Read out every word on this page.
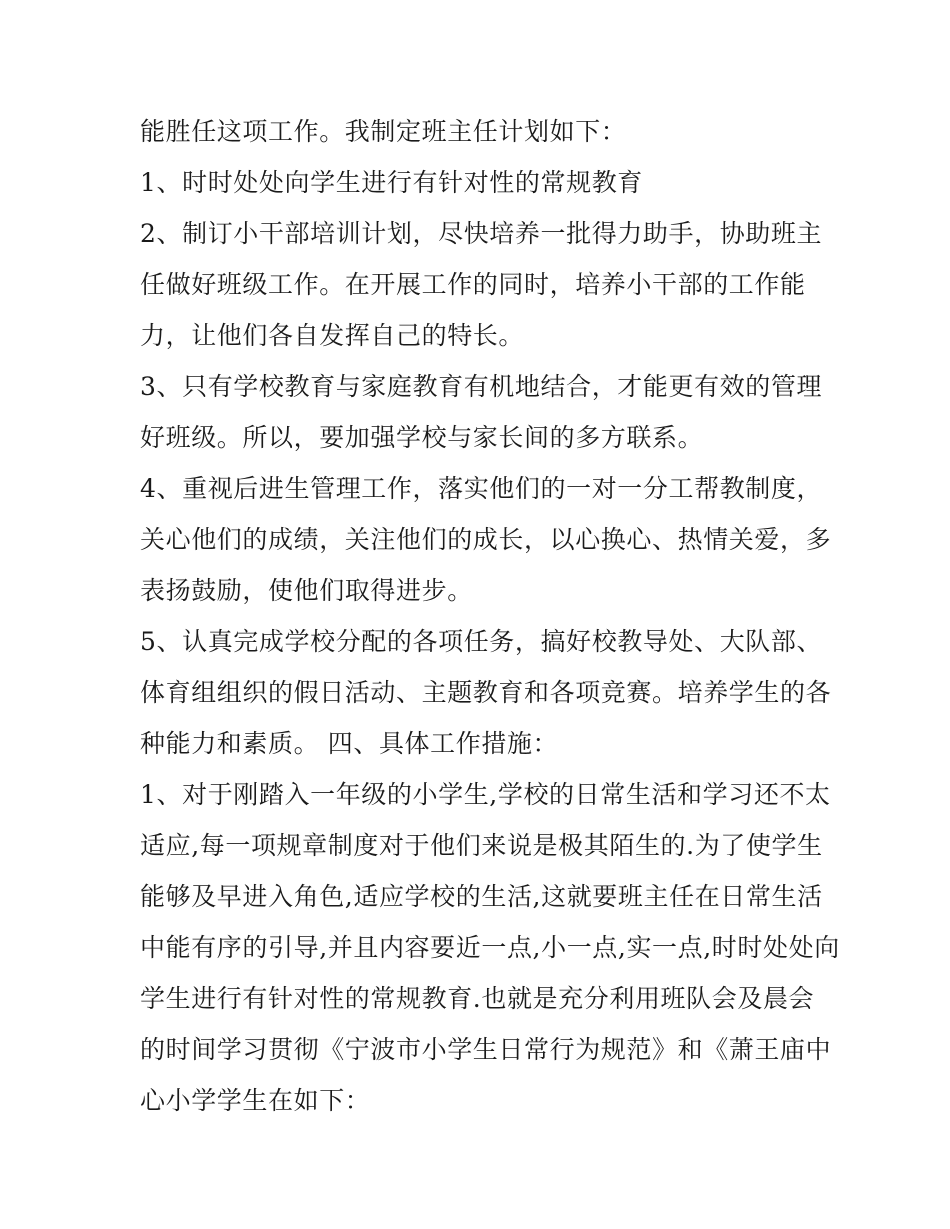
能胜任这项工作。我制定班主任计划如下：
1、时时处处向学生进行有针对性的常规教育
2、制订小干部培训计划，尽快培养一批得力助手，协助班主
任做好班级工作。在开展工作的同时，培养小干部的工作能
力，让他们各自发挥自己的特长。
3、只有学校教育与家庭教育有机地结合，才能更有效的管理
好班级。所以，要加强学校与家长间的多方联系。
4、重视后进生管理工作，落实他们的一对一分工帮教制度，
关心他们的成绩，关注他们的成长，以心换心、热情关爱，多
表扬鼓励，使他们取得进步。
5、认真完成学校分配的各项任务，搞好校教导处、大队部、
体育组组织的假日活动、主题教育和各项竞赛。培养学生的各
种能力和素质。 四、具体工作措施：
1、对于刚踏入一年级的小学生,学校的日常生活和学习还不太
适应,每一项规章制度对于他们来说是极其陌生的.为了使学生
能够及早进入角色,适应学校的生活,这就要班主任在日常生活
中能有序的引导,并且内容要近一点,小一点,实一点,时时处处向
学生进行有针对性的常规教育.也就是充分利用班队会及晨会
的时间学习贯彻《宁波市小学生日常行为规范》和《萧王庙中
心小学学生在如下：
